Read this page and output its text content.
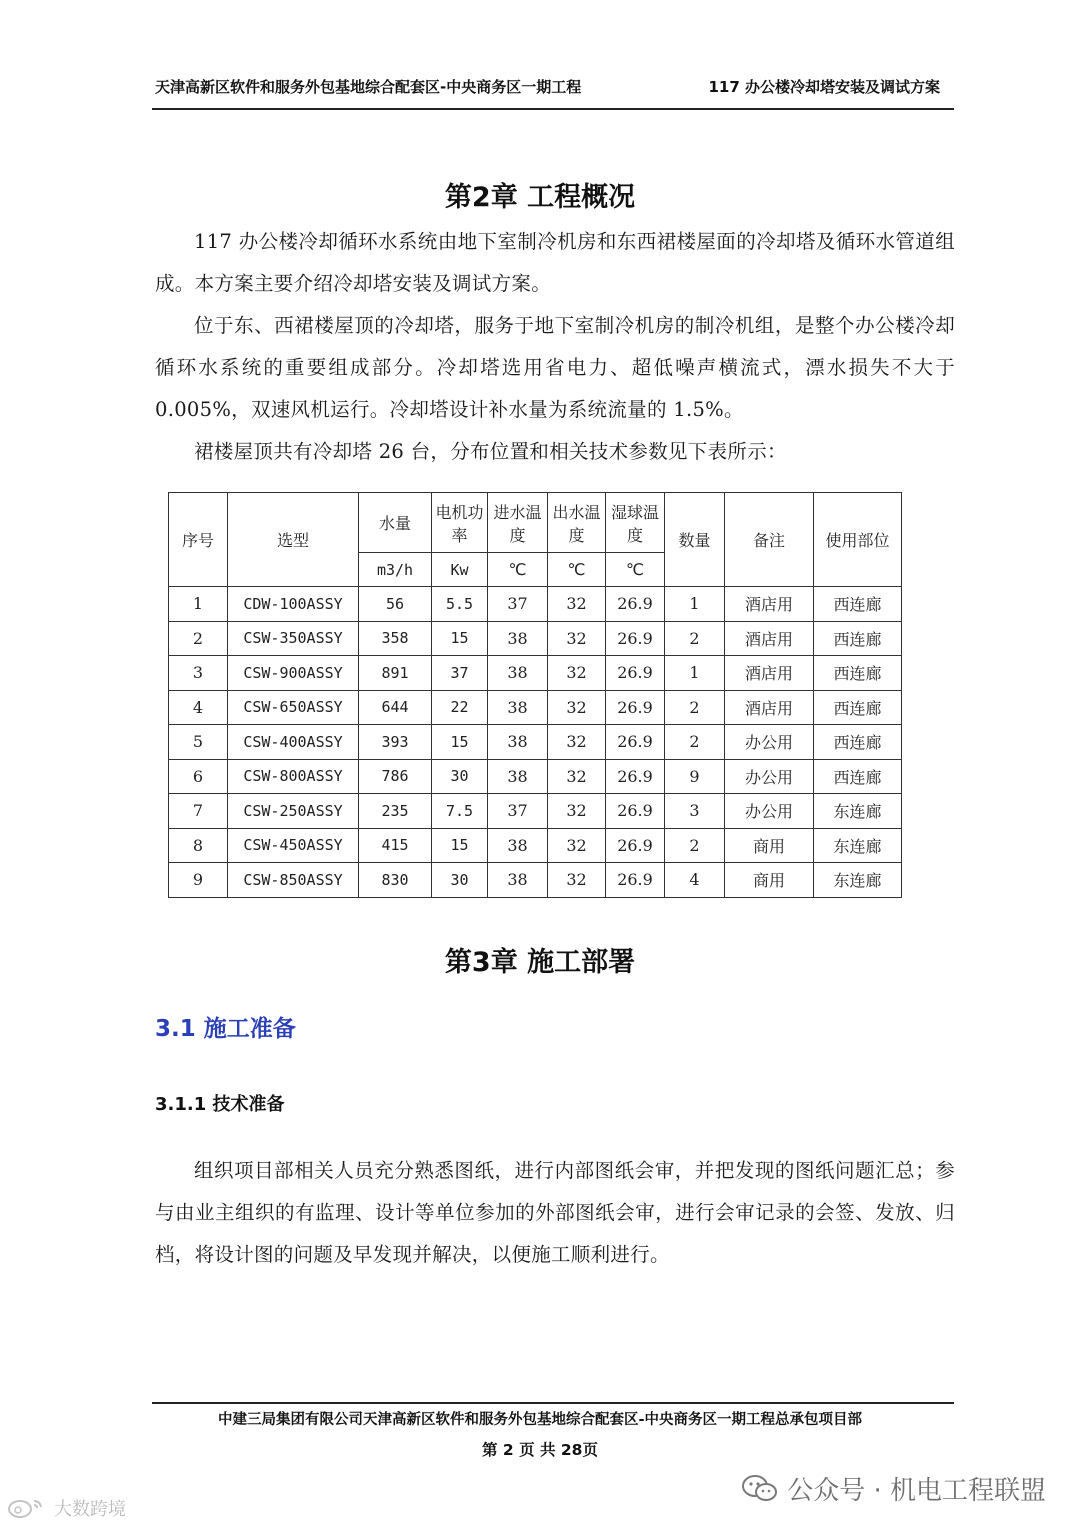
天津高新区软件和服务外包基地综合配套区-中央商务区一期工程	117 办公楼冷却塔安装及调试方案
第2章 工程概况
117 办公楼冷却循环水系统由地下室制冷机房和东西裙楼屋面的冷却塔及循环水管道组成。本方案主要介绍冷却塔安装及调试方案。
位于东、西裙楼屋顶的冷却塔，服务于地下室制冷机房的制冷机组，是整个办公楼冷却循环水系统的重要组成部分。冷却塔选用省电力、超低噪声横流式，漂水损失不大于 0.005%，双速风机运行。冷却塔设计补水量为系统流量的 1.5%。
裙楼屋顶共有冷却塔 26 台，分布位置和相关技术参数见下表所示：
序号	选型	水量	电机功率	进水温度	出水温度	湿球温度	数量	备注	使用部位
		m3/h	Kw	℃	℃	℃			
1	CDW-100ASSY	56	5.5	37	32	26.9	1	酒店用	西连廊
2	CSW-350ASSY	358	15	38	32	26.9	2	酒店用	西连廊
3	CSW-900ASSY	891	37	38	32	26.9	1	酒店用	西连廊
4	CSW-650ASSY	644	22	38	32	26.9	2	酒店用	西连廊
5	CSW-400ASSY	393	15	38	32	26.9	2	办公用	西连廊
6	CSW-800ASSY	786	30	38	32	26.9	9	办公用	西连廊
7	CSW-250ASSY	235	7.5	37	32	26.9	3	办公用	东连廊
8	CSW-450ASSY	415	15	38	32	26.9	2	商用	东连廊
9	CSW-850ASSY	830	30	38	32	26.9	4	商用	东连廊
第3章 施工部署
3.1 施工准备
3.1.1 技术准备
组织项目部相关人员充分熟悉图纸，进行内部图纸会审，并把发现的图纸问题汇总；参与由业主组织的有监理、设计等单位参加的外部图纸会审，进行会审记录的会签、发放、归档，将设计图的问题及早发现并解决，以便施工顺利进行。
中建三局集团有限公司天津高新区软件和服务外包基地综合配套区-中央商务区一期工程总承包项目部
第 2 页 共 28页
公众号 · 机电工程联盟
大数跨境
